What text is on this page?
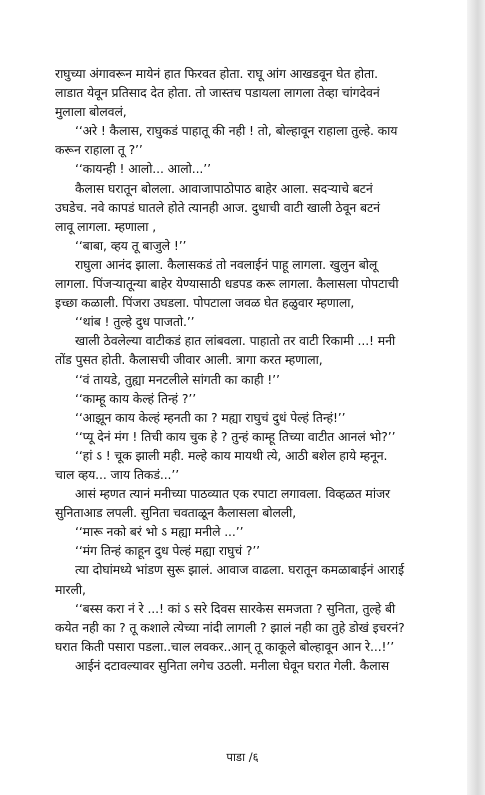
राघुच्या अंगावरून मायेनं हात फिरवत होता. राघू आंग आखडवून घेत होता.
लाडात येवून प्रतिसाद देत होता. तो जास्तच पडायला लागला तेव्हा चांगदेवनं
मुलाला बोलवलं,
‘‘अरे ! कैलास, राघुकडं पाहातू की नही ! तो, बोल्हावून राहाला तुल्हे. काय
करून राहाला तू ?’’
‘‘कायन्ही ! आलो... आलो...’’
कैलास घरातून बोलला. आवाजापाठोपाठ बाहेर आला. सदऱ्याचे बटनं
उघडेच. नवे कापडं घातले होते त्यानही आज. दुधाची वाटी खाली ठेवून बटनं
लावू लागला. म्हणाला ,
‘‘बाबा, व्हय तू बाजुले !’’
राघुला आनंद झाला. कैलासकडं तो नवलाईनं पाहू लागला. खुलुन बोलू
लागला. पिंजऱ्यातून्या बाहेर येण्यासाठी धडपड करू लागला. कैलासला पोपटाची
इच्छा कळाली. पिंजरा उघडला. पोपटाला जवळ घेत हळुवार म्हणाला,
‘‘थांब ! तुल्हे दुध पाजतो.’’
खाली ठेवलेल्या वाटीकडं हात लांबवला. पाहातो तर वाटी रिकामी ...! मनी
तोंड पुसत होती. कैलासची जीवार आली. त्रागा करत म्हणाला,
‘‘वं तायडे, तुह्या मनटलीले सांगती का काही !’’
‘‘काम्हू काय केल्हं तिन्हं ?’’
‘‘आझून काय केल्हं म्हनती का ? मह्या राघुचं दुधं पेल्हं तिन्हं!’’
‘‘प्यू देनं मंग ! तिची काय चुक हे ? तुन्हं काम्हू तिच्या वाटीत आनलं भो?’’
‘‘हां ऽ ! चूक झाली मही. मल्हे काय मायथी त्ये, आठी बशेल हाये म्हनून.
चाल व्हय... जाय तिकडं...’’
आसं म्हणत त्यानं मनीच्या पाठव्यात एक रपाटा लगावला. विव्हळत मांजर
सुनिताआड लपली. सुनिता चवताळून कैलासला बोलली,
‘‘मारू नको बरं भो ऽ मह्या मनीले ...’’
‘‘मंग तिन्हं काहून दुध पेल्हं मह्या राघुचं ?’’
त्या दोघांमध्ये भांडण सुरू झालं. आवाज वाढला. घरातून कमळाबाईनं आराई
मारली,
‘‘बस्स करा नं रे ...! कां ऽ सरे दिवस सारकेस समजता ? सुनिता, तुल्हे बी
कयेत नही का ? तू कशाले त्येच्या नांदी लागली ? झालं नही का तुहे डोखं इचरनं?
घरात किती पसारा पडला..चाल लवकर..आन् तू काकूले बोल्हावून आन रे...!’’
आईनं दटावल्यावर सुनिता लगेच उठली. मनीला घेवून घरात गेली. कैलास
पाडा /६
